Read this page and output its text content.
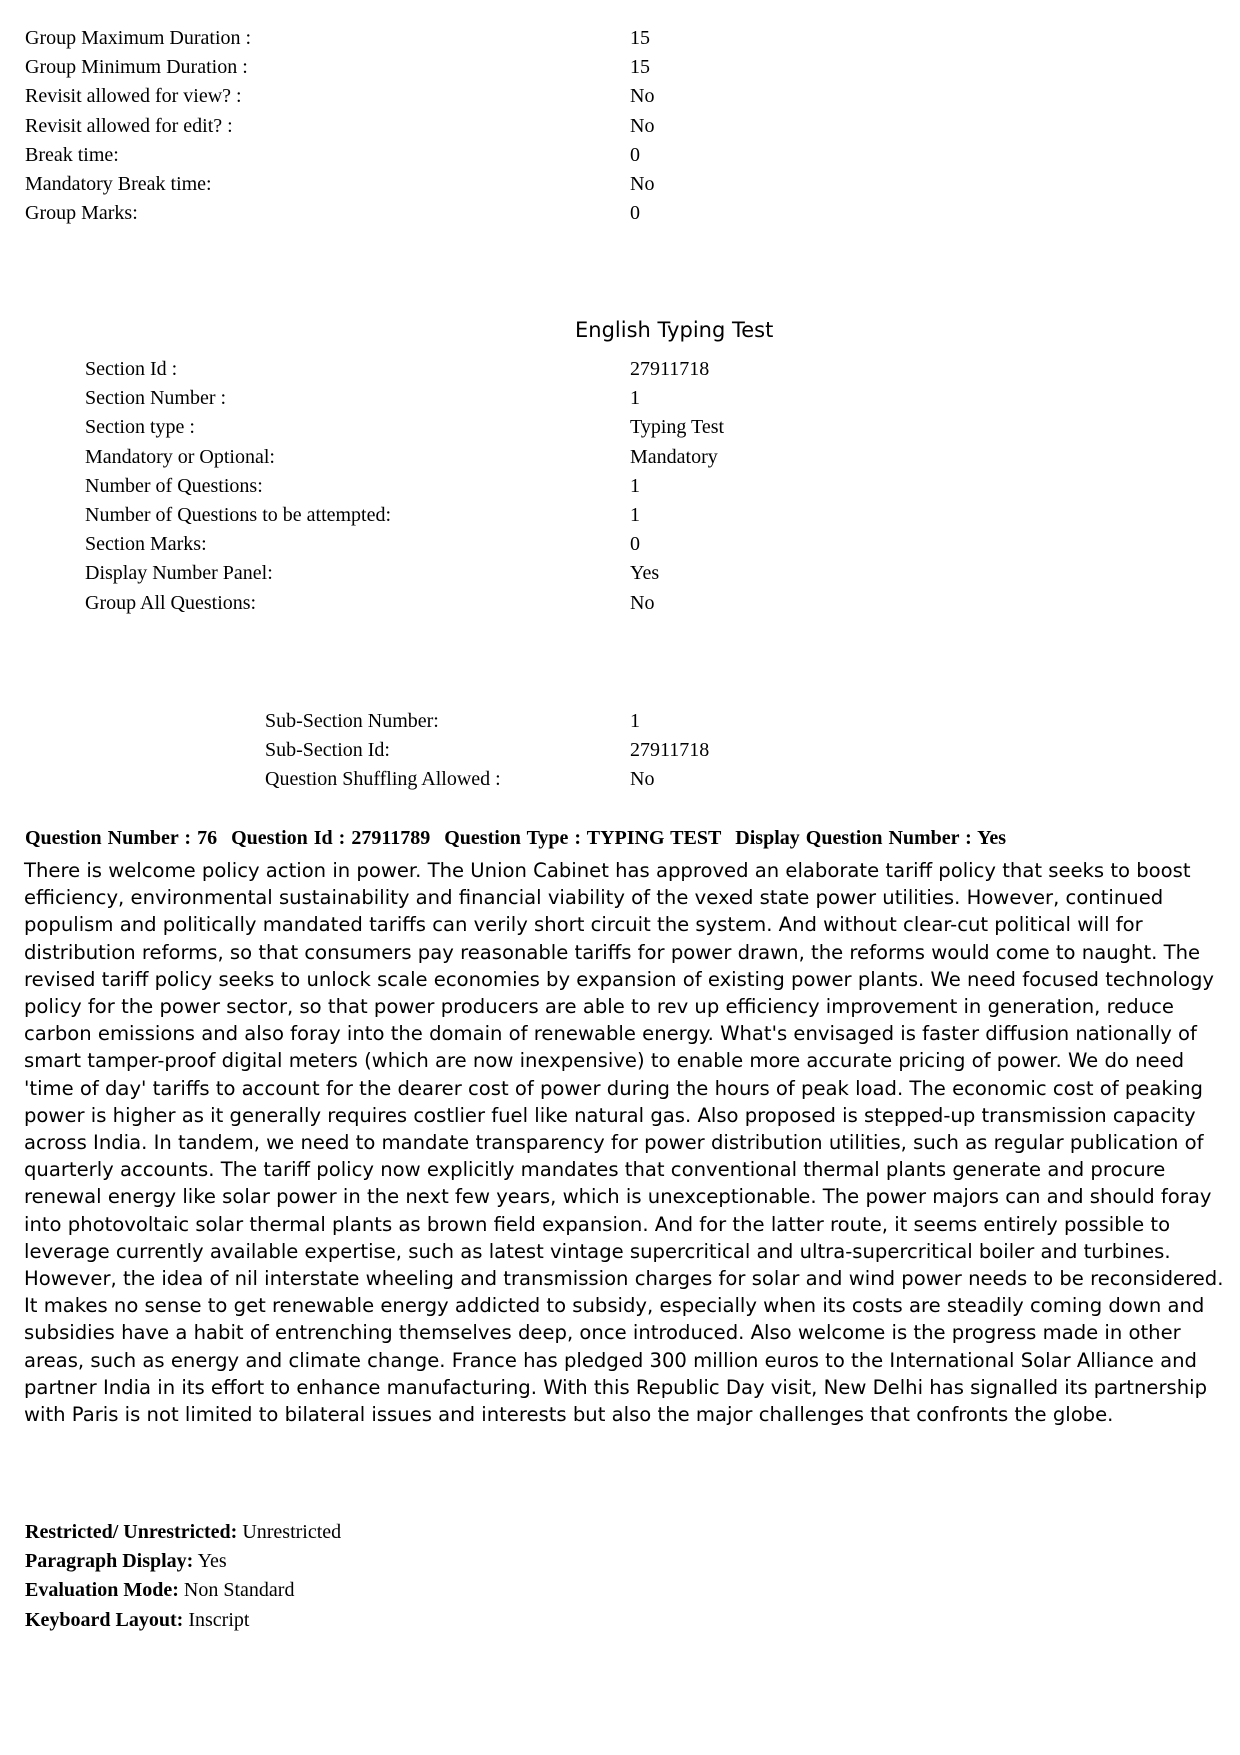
Group Maximum Duration :	15
Group Minimum Duration :	15
Revisit allowed for view? :	No
Revisit allowed for edit? :	No
Break time:	0
Mandatory Break time:	No
Group Marks:	0
English Typing Test
Section Id :	27911718
Section Number :	1
Section type :	Typing Test
Mandatory or Optional:	Mandatory
Number of Questions:	1
Number of Questions to be attempted:	1
Section Marks:	0
Display Number Panel:	Yes
Group All Questions:	No
Sub-Section Number:	1
Sub-Section Id:	27911718
Question Shuffling Allowed :	No
Question Number : 76 Question Id : 27911789 Question Type : TYPING TEST Display Question Number : Yes

There is welcome policy action in power. The Union Cabinet has approved an elaborate tariff policy that seeks to boost efficiency, environmental sustainability and financial viability of the vexed state power utilities. However, continued populism and politically mandated tariffs can verily short circuit the system. And without clear-cut political will for distribution reforms, so that consumers pay reasonable tariffs for power drawn, the reforms would come to naught. The revised tariff policy seeks to unlock scale economies by expansion of existing power plants. We need focused technology policy for the power sector, so that power producers are able to rev up efficiency improvement in generation, reduce carbon emissions and also foray into the domain of renewable energy. What's envisaged is faster diffusion nationally of smart tamper-proof digital meters (which are now inexpensive) to enable more accurate pricing of power. We do need 'time of day' tariffs to account for the dearer cost of power during the hours of peak load. The economic cost of peaking power is higher as it generally requires costlier fuel like natural gas. Also proposed is stepped-up transmission capacity across India. In tandem, we need to mandate transparency for power distribution utilities, such as regular publication of quarterly accounts. The tariff policy now explicitly mandates that conventional thermal plants generate and procure renewal energy like solar power in the next few years, which is unexceptionable. The power majors can and should foray into photovoltaic solar thermal plants as brown field expansion. And for the latter route, it seems entirely possible to leverage currently available expertise, such as latest vintage supercritical and ultra-supercritical boiler and turbines. However, the idea of nil interstate wheeling and transmission charges for solar and wind power needs to be reconsidered. It makes no sense to get renewable energy addicted to subsidy, especially when its costs are steadily coming down and subsidies have a habit of entrenching themselves deep, once introduced. Also welcome is the progress made in other areas, such as energy and climate change. France has pledged 300 million euros to the International Solar Alliance and partner India in its effort to enhance manufacturing. With this Republic Day visit, New Delhi has signalled its partnership with Paris is not limited to bilateral issues and interests but also the major challenges that confronts the globe.

Restricted/ Unrestricted: Unrestricted
Paragraph Display: Yes
Evaluation Mode: Non Standard
Keyboard Layout: Inscript
